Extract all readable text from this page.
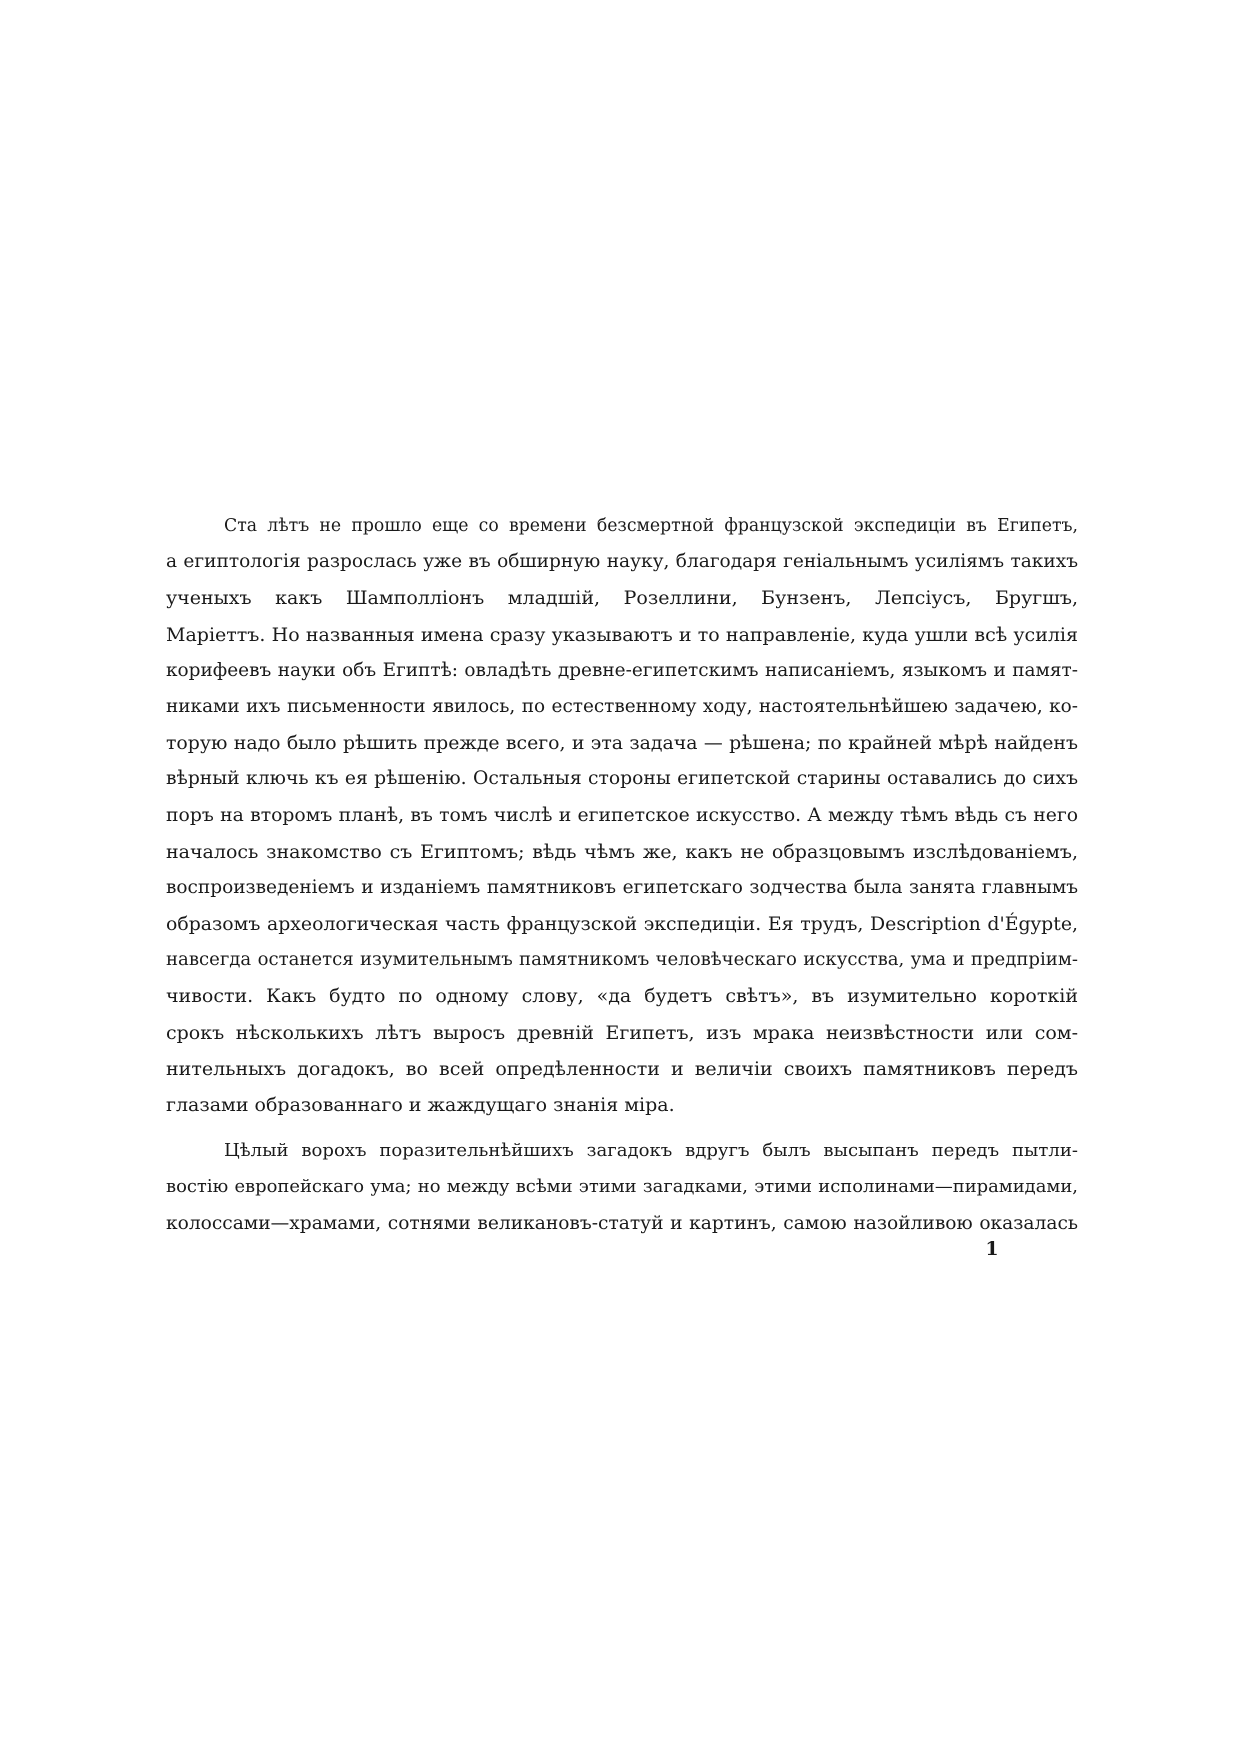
Ста лѣтъ не прошло еще со времени безсмертной французской экспедиціи въ Египетъ,
а египтологія разрослась уже въ обширную науку, благодаря геніальнымъ усиліямъ такихъ
ученыхъ какъ Шамполліонъ младшій, Розеллини, Бунзенъ, Лепсіусъ, Бругшъ,
Маріеттъ. Но названныя имена сразу указываютъ и то направленіе, куда ушли всѣ усилія
корифеевъ науки объ Египтѣ: овладѣть древне-египетскимъ написаніемъ, языкомъ и памят-
никами ихъ письменности явилось, по естественному ходу, настоятельнѣйшею задачею, ко-
торую надо было рѣшить прежде всего, и эта задача — рѣшена; по крайней мѣрѣ найденъ
вѣрный ключь къ ея рѣшенію. Остальныя стороны египетской старины оставались до сихъ
поръ на второмъ планѣ, въ томъ числѣ и египетское искусство. А между тѣмъ вѣдь съ него
началось знакомство съ Египтомъ; вѣдь чѣмъ же, какъ не образцовымъ изслѣдованіемъ,
воспроизведеніемъ и изданіемъ памятниковъ египетскаго зодчества была занята главнымъ
образомъ археологическая часть французской экспедиціи. Ея трудъ, Description d'Égypte,
навсегда останется изумительнымъ памятникомъ человѣческаго искусства, ума и предпріим-
чивости. Какъ будто по одному слову, «да будетъ свѣтъ», въ изумительно короткій
срокъ нѣсколькихъ лѣтъ выросъ древній Египетъ, изъ мрака неизвѣстности или сом-
нительныхъ догадокъ, во всей опредѣленности и величіи своихъ памятниковъ передъ
глазами образованнаго и жаждущаго знанія міра.
Цѣлый ворохъ поразительнѣйшихъ загадокъ вдругъ былъ высыпанъ передъ пытли-
востію европейскаго ума; но между всѣми этими загадками, этими исполинами—пирамидами,
колоссами—храмами, сотнями великановъ-статуй и картинъ, самою назойливою оказалась
1
